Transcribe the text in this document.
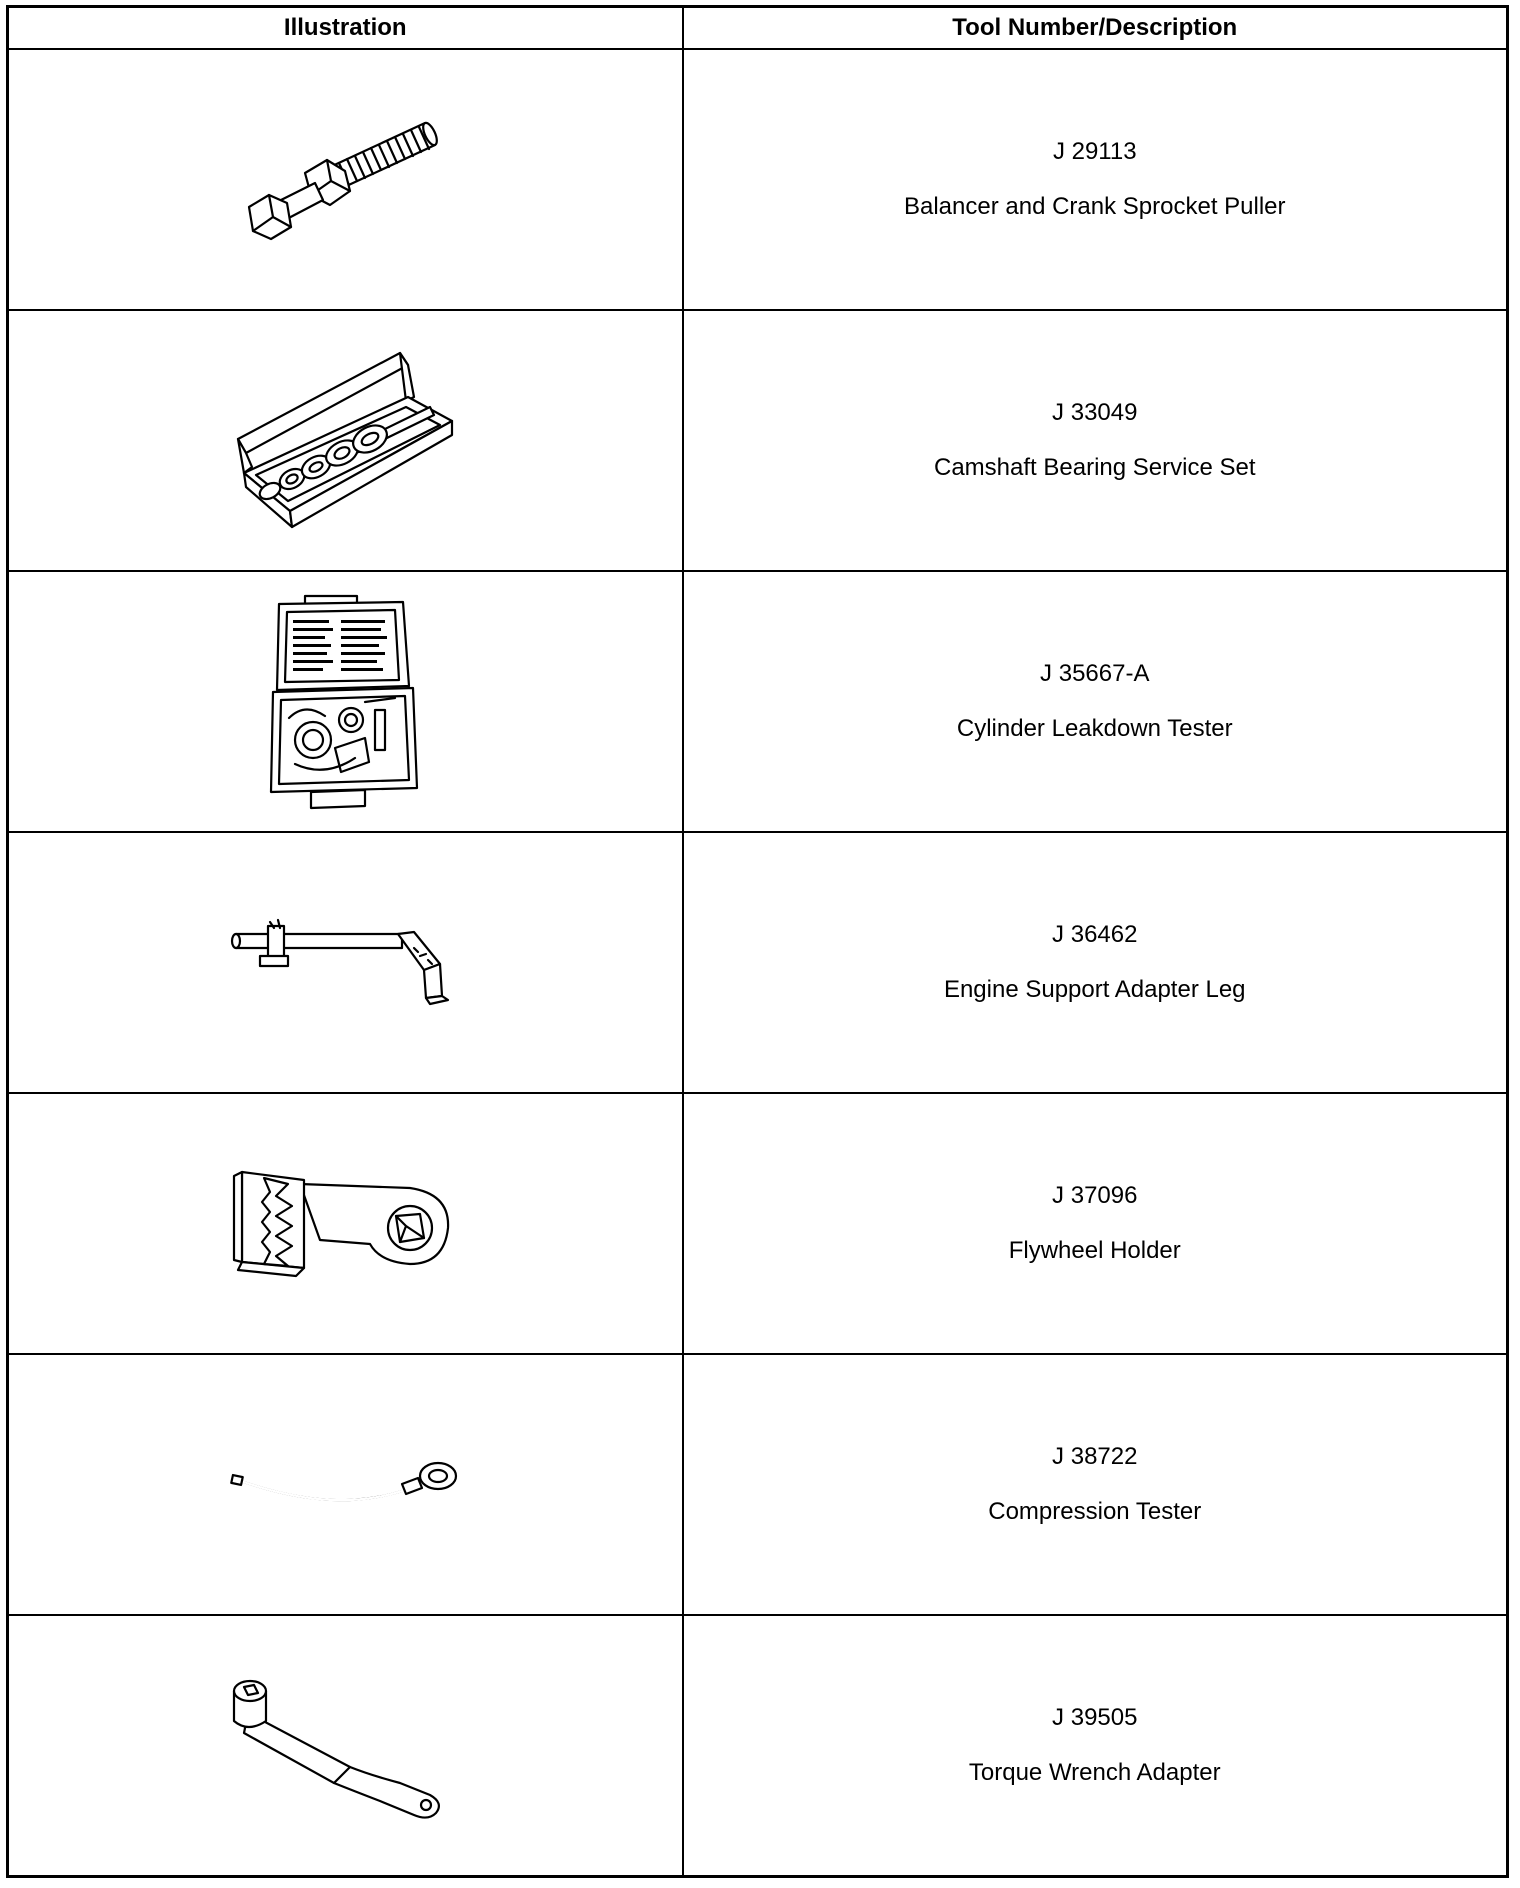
Illustration	Tool Number/Description

J 29113
Balancer and Crank Sprocket Puller

J 33049
Camshaft Bearing Service Set

J 35667-A
Cylinder Leakdown Tester

J 36462
Engine Support Adapter Leg

J 37096
Flywheel Holder

J 38722
Compression Tester

J 39505
Torque Wrench Adapter
